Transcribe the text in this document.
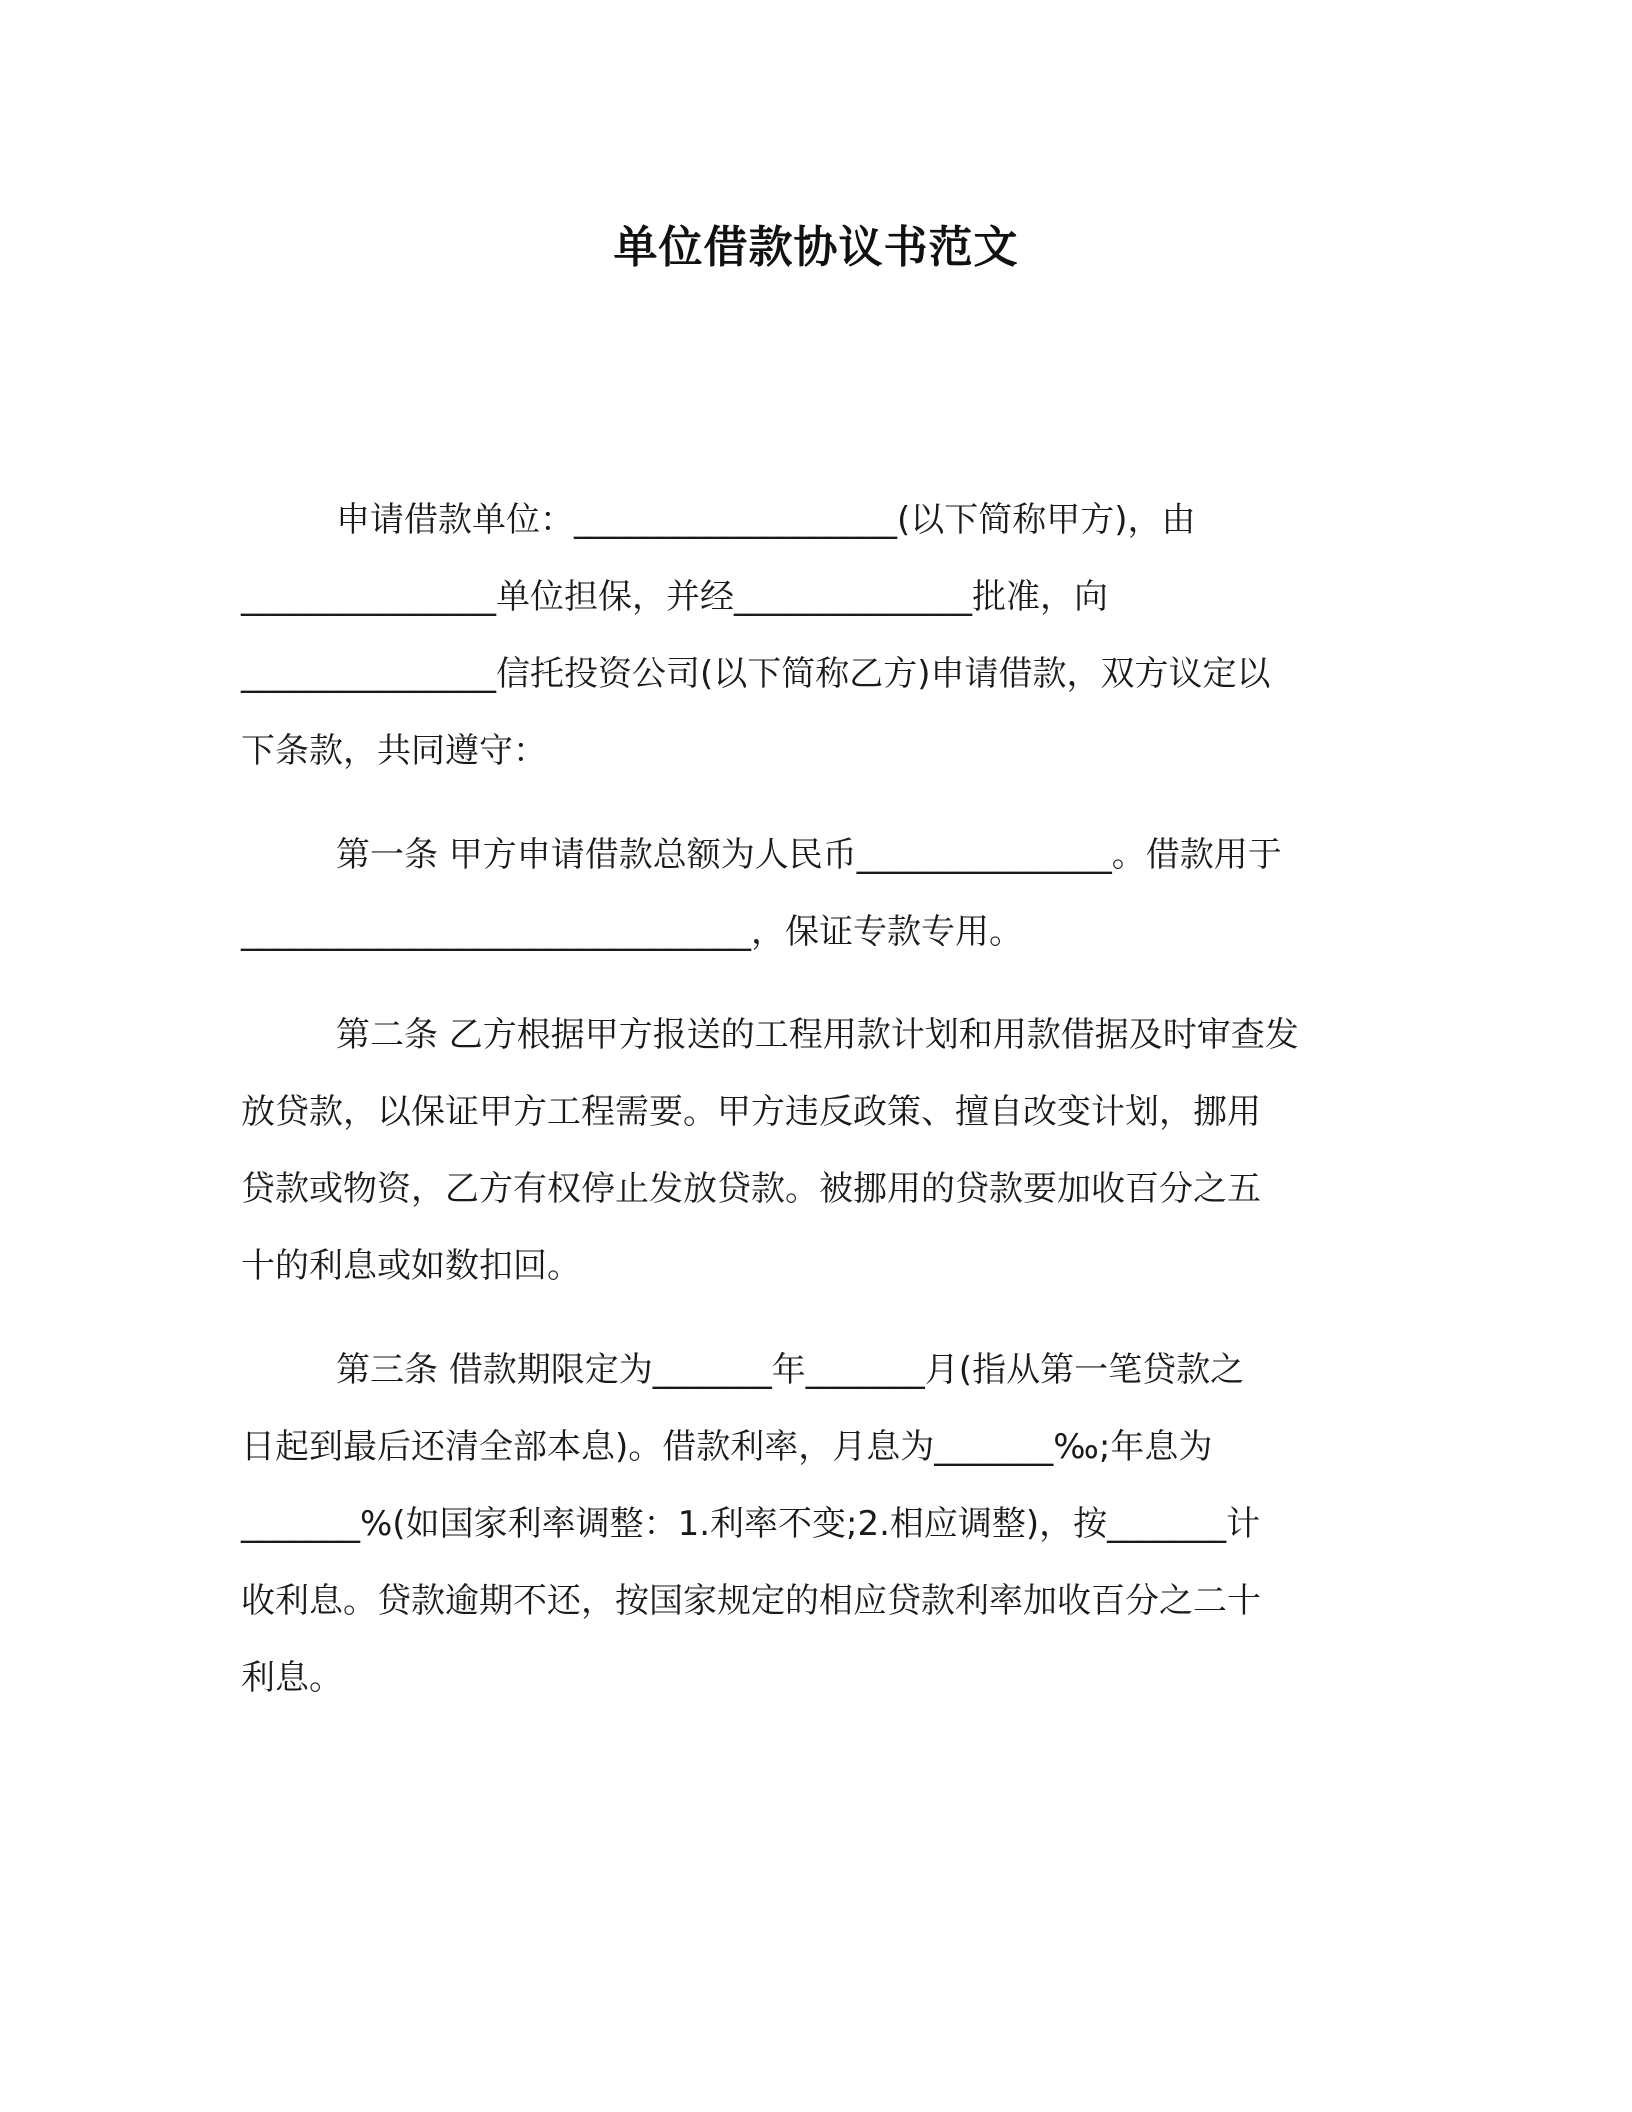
单位借款协议书范文
申请借款单位：___________________(以下简称甲方)，由
_______________单位担保，并经______________批准，向
_______________信托投资公司(以下简称乙方)申请借款，双方议定以
下条款，共同遵守：
第一条 甲方申请借款总额为人民币_______________。借款用于
______________________________，保证专款专用。
第二条 乙方根据甲方报送的工程用款计划和用款借据及时审查发
放贷款，以保证甲方工程需要。甲方违反政策、擅自改变计划，挪用
贷款或物资，乙方有权停止发放贷款。被挪用的贷款要加收百分之五
十的利息或如数扣回。
第三条 借款期限定为_______年_______月(指从第一笔贷款之
日起到最后还清全部本息)。借款利率，月息为_______‰;年息为
_______%(如国家利率调整：1.利率不变;2.相应调整)，按_______计
收利息。贷款逾期不还，按国家规定的相应贷款利率加收百分之二十
利息。
